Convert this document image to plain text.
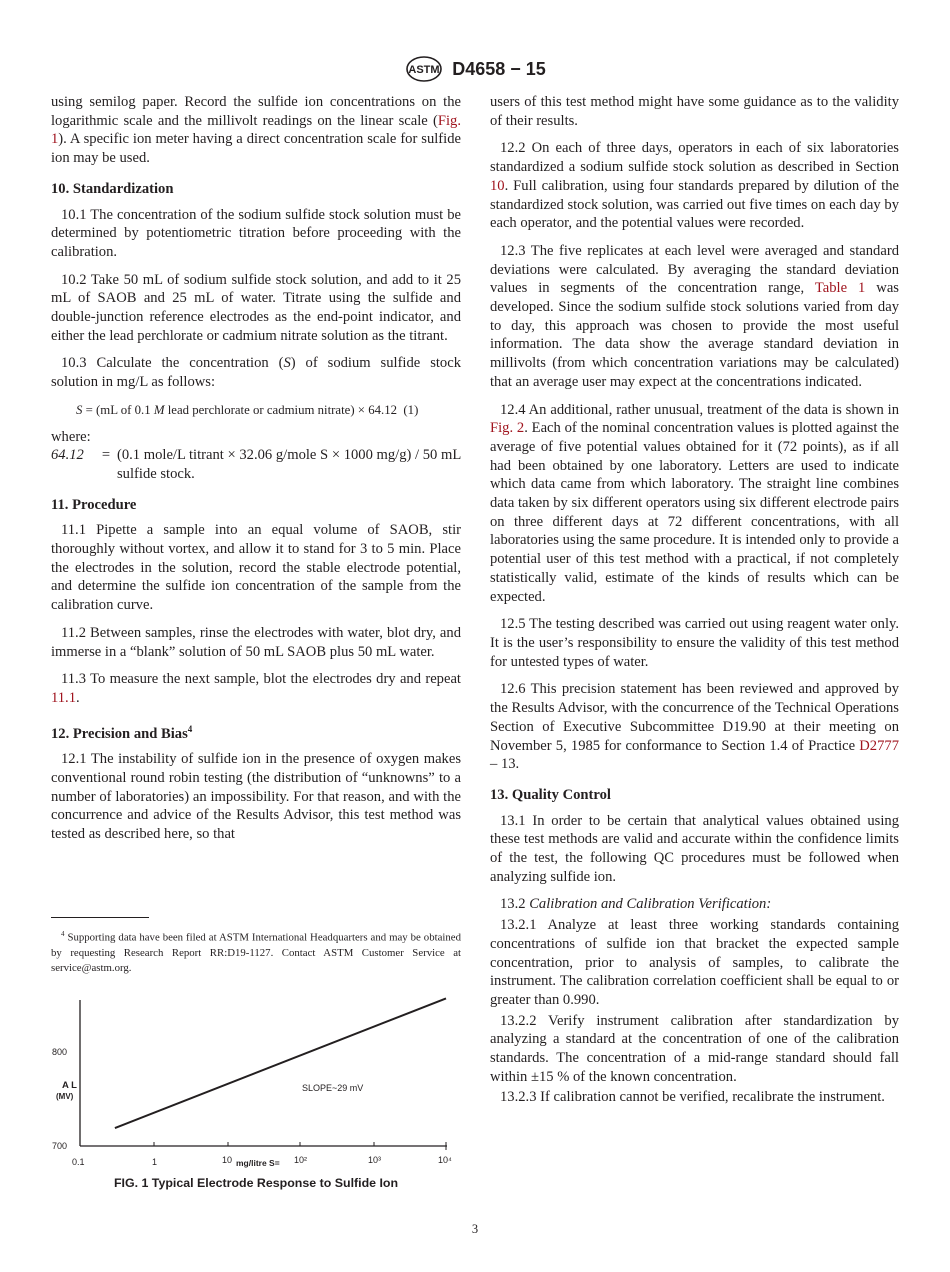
ASTM D4658 − 15

using semilog paper. Record the sulfide ion concentrations on the logarithmic scale and the millivolt readings on the linear scale (Fig. 1). A specific ion meter having a direct concentration scale for sulfide ion may be used.

10. Standardization

10.1 The concentration of the sodium sulfide stock solution must be determined by potentiometric titration before proceeding with the calibration.

10.2 Take 50 mL of sodium sulfide stock solution, and add to it 25 mL of SAOB and 25 mL of water. Titrate using the sulfide and double-junction reference electrodes as the end-point indicator, and either the lead perchlorate or cadmium nitrate solution as the titrant.

10.3 Calculate the concentration (S) of sodium sulfide stock solution in mg/L as follows:

S = (mL of 0.1 M lead perchlorate or cadmium nitrate) × 64.12 (1)

where:

64.12	= (0.1 mole/L titrant × 32.06 g/mole S × 1000 mg/g) / 50 mL sulfide stock.
11. Procedure

11.1 Pipette a sample into an equal volume of SAOB, stir thoroughly without vortex, and allow it to stand for 3 to 5 min. Place the electrodes in the solution, record the stable electrode potential, and determine the sulfide ion concentration of the sample from the calibration curve.

11.2 Between samples, rinse the electrodes with water, blot dry, and immerse in a “blank” solution of 50 mL SAOB plus 50 mL water.

11.3 To measure the next sample, blot the electrodes dry and repeat 11.1.

12. Precision and Bias$^4$

12.1 The instability of sulfide ion in the presence of oxygen makes conventional round robin testing (the distribution of “unknowns” to a number of laboratories) an impossibility. For that reason, and with the concurrence and advice of the Results Advisor, this test method was tested as described here, so that

$^4$ Supporting data have been filed at ASTM International Headquarters and may be obtained by requesting Research Report RR:D19-1127. Contact ASTM Customer Service at service@astm.org.
800
700
A L
(MV)
0.1	1	10 mg/litre S= 10²	10³	10⁴
SLOPE~29 mV
FIG. 1 Typical Electrode Response to Sulfide Ion

users of this test method might have some guidance as to the validity of their results.

12.2 On each of three days, operators in each of six laboratories standardized a sodium sulfide stock solution as described in Section 10. Full calibration, using four standards prepared by dilution of the standardized stock solution, was carried out five times on each day by each operator, and the potential values were recorded.

12.3 The five replicates at each level were averaged and standard deviations were calculated. By averaging the standard deviation values in segments of the concentration range, Table 1 was developed. Since the sodium sulfide stock solutions varied from day to day, this approach was chosen to provide the most useful information. The data show the average standard deviation in millivolts (from which concentration variations may be calculated) that an average user may expect at the concentrations indicated.

12.4 An additional, rather unusual, treatment of the data is shown in Fig. 2. Each of the nominal concentration values is plotted against the average of five potential values obtained for it (72 points), as if all had been obtained by one laboratory. Letters are used to indicate which data came from which laboratory. The straight line combines data taken by six different operators using six different electrode pairs on three different days at 72 different concentrations, with all laboratories using the same procedure. It is intended only to provide a potential user of this test method with a practical, if not completely statistically valid, estimate of the kinds of results which can be expected.

12.5 The testing described was carried out using reagent water only. It is the user’s responsibility to ensure the validity of this test method for untested types of water.

12.6 This precision statement has been reviewed and approved by the Results Advisor, with the concurrence of the Technical Operations Section of Executive Subcommittee D19.90 at their meeting on November 5, 1985 for conformance to Section 1.4 of Practice D2777 – 13.

13. Quality Control

13.1 In order to be certain that analytical values obtained using these test methods are valid and accurate within the confidence limits of the test, the following QC procedures must be followed when analyzing sulfide ion.

13.2 Calibration and Calibration Verification:

13.2.1 Analyze at least three working standards containing concentrations of sulfide ion that bracket the expected sample concentration, prior to analysis of samples, to calibrate the instrument. The calibration correlation coefficient shall be equal to or greater than 0.990.

13.2.2 Verify instrument calibration after standardization by analyzing a standard at the concentration of one of the calibration standards. The concentration of a mid-range standard should fall within ±15 % of the known concentration.

13.2.3 If calibration cannot be verified, recalibrate the instrument.

3
